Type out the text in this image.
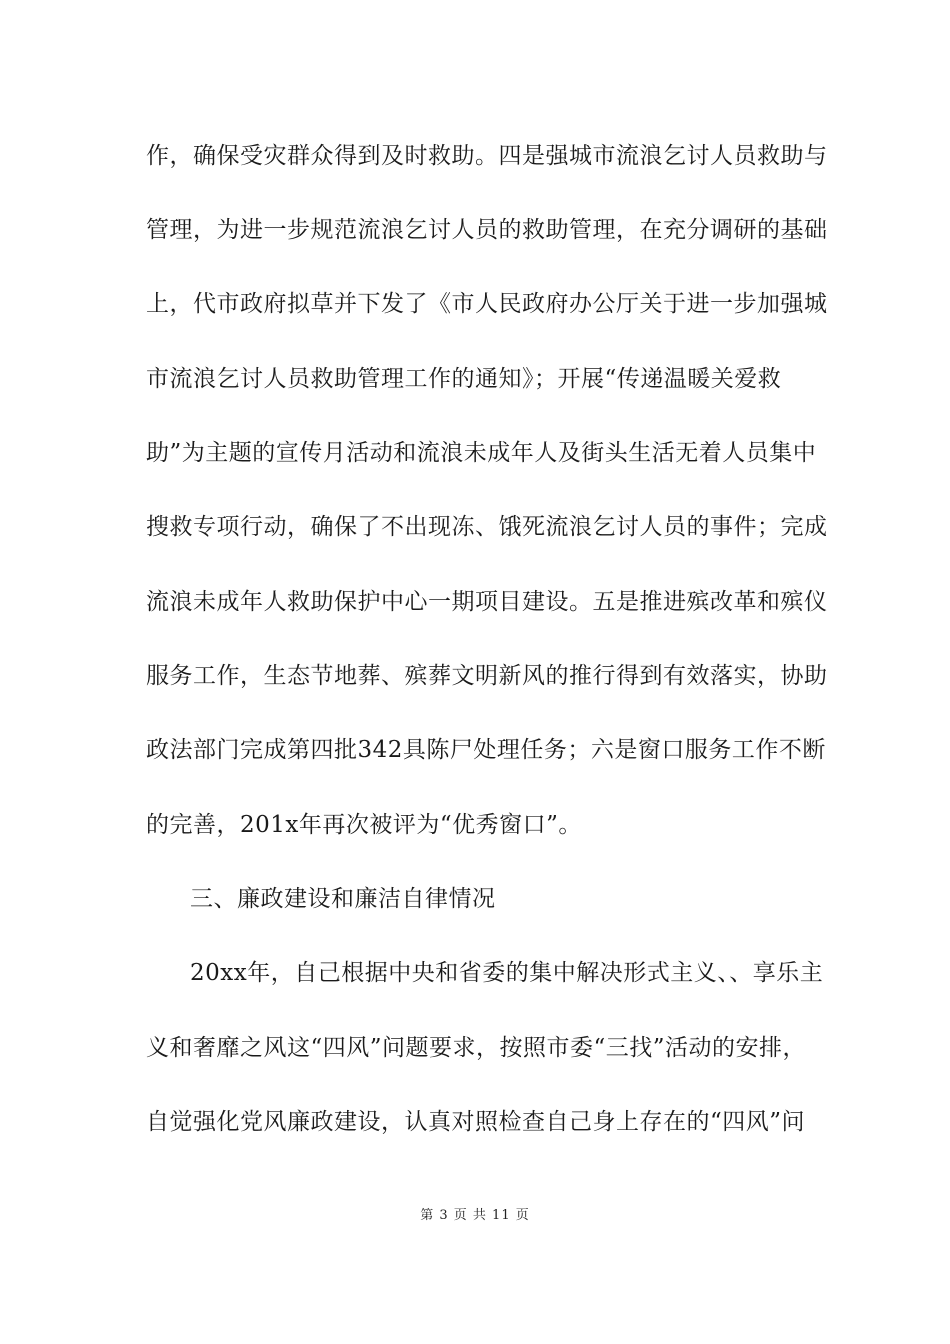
作，确保受灾群众得到及时救助。四是强城市流浪乞讨人员救助与
管理，为进一步规范流浪乞讨人员的救助管理，在充分调研的基础
上，代市政府拟草并下发了《市人民政府办公厅关于进一步加强城
市流浪乞讨人员救助管理工作的通知》；开展“传递温暖关爱救
助”为主题的宣传月活动和流浪未成年人及街头生活无着人员集中
搜救专项行动，确保了不出现冻、饿死流浪乞讨人员的事件；完成
流浪未成年人救助保护中心一期项目建设。五是推进殡改革和殡仪
服务工作，生态节地葬、殡葬文明新风的推行得到有效落实，协助
政法部门完成第四批342具陈尸处理任务；六是窗口服务工作不断
的完善，201x年再次被评为“优秀窗口”。
三、廉政建设和廉洁自律情况
20xx年，自己根据中央和省委的集中解决形式主义、、享乐主
义和奢靡之风这“四风”问题要求，按照市委“三找”活动的安排，
自觉强化党风廉政建设，认真对照检查自己身上存在的“四风”问
第 3 页 共 11 页
